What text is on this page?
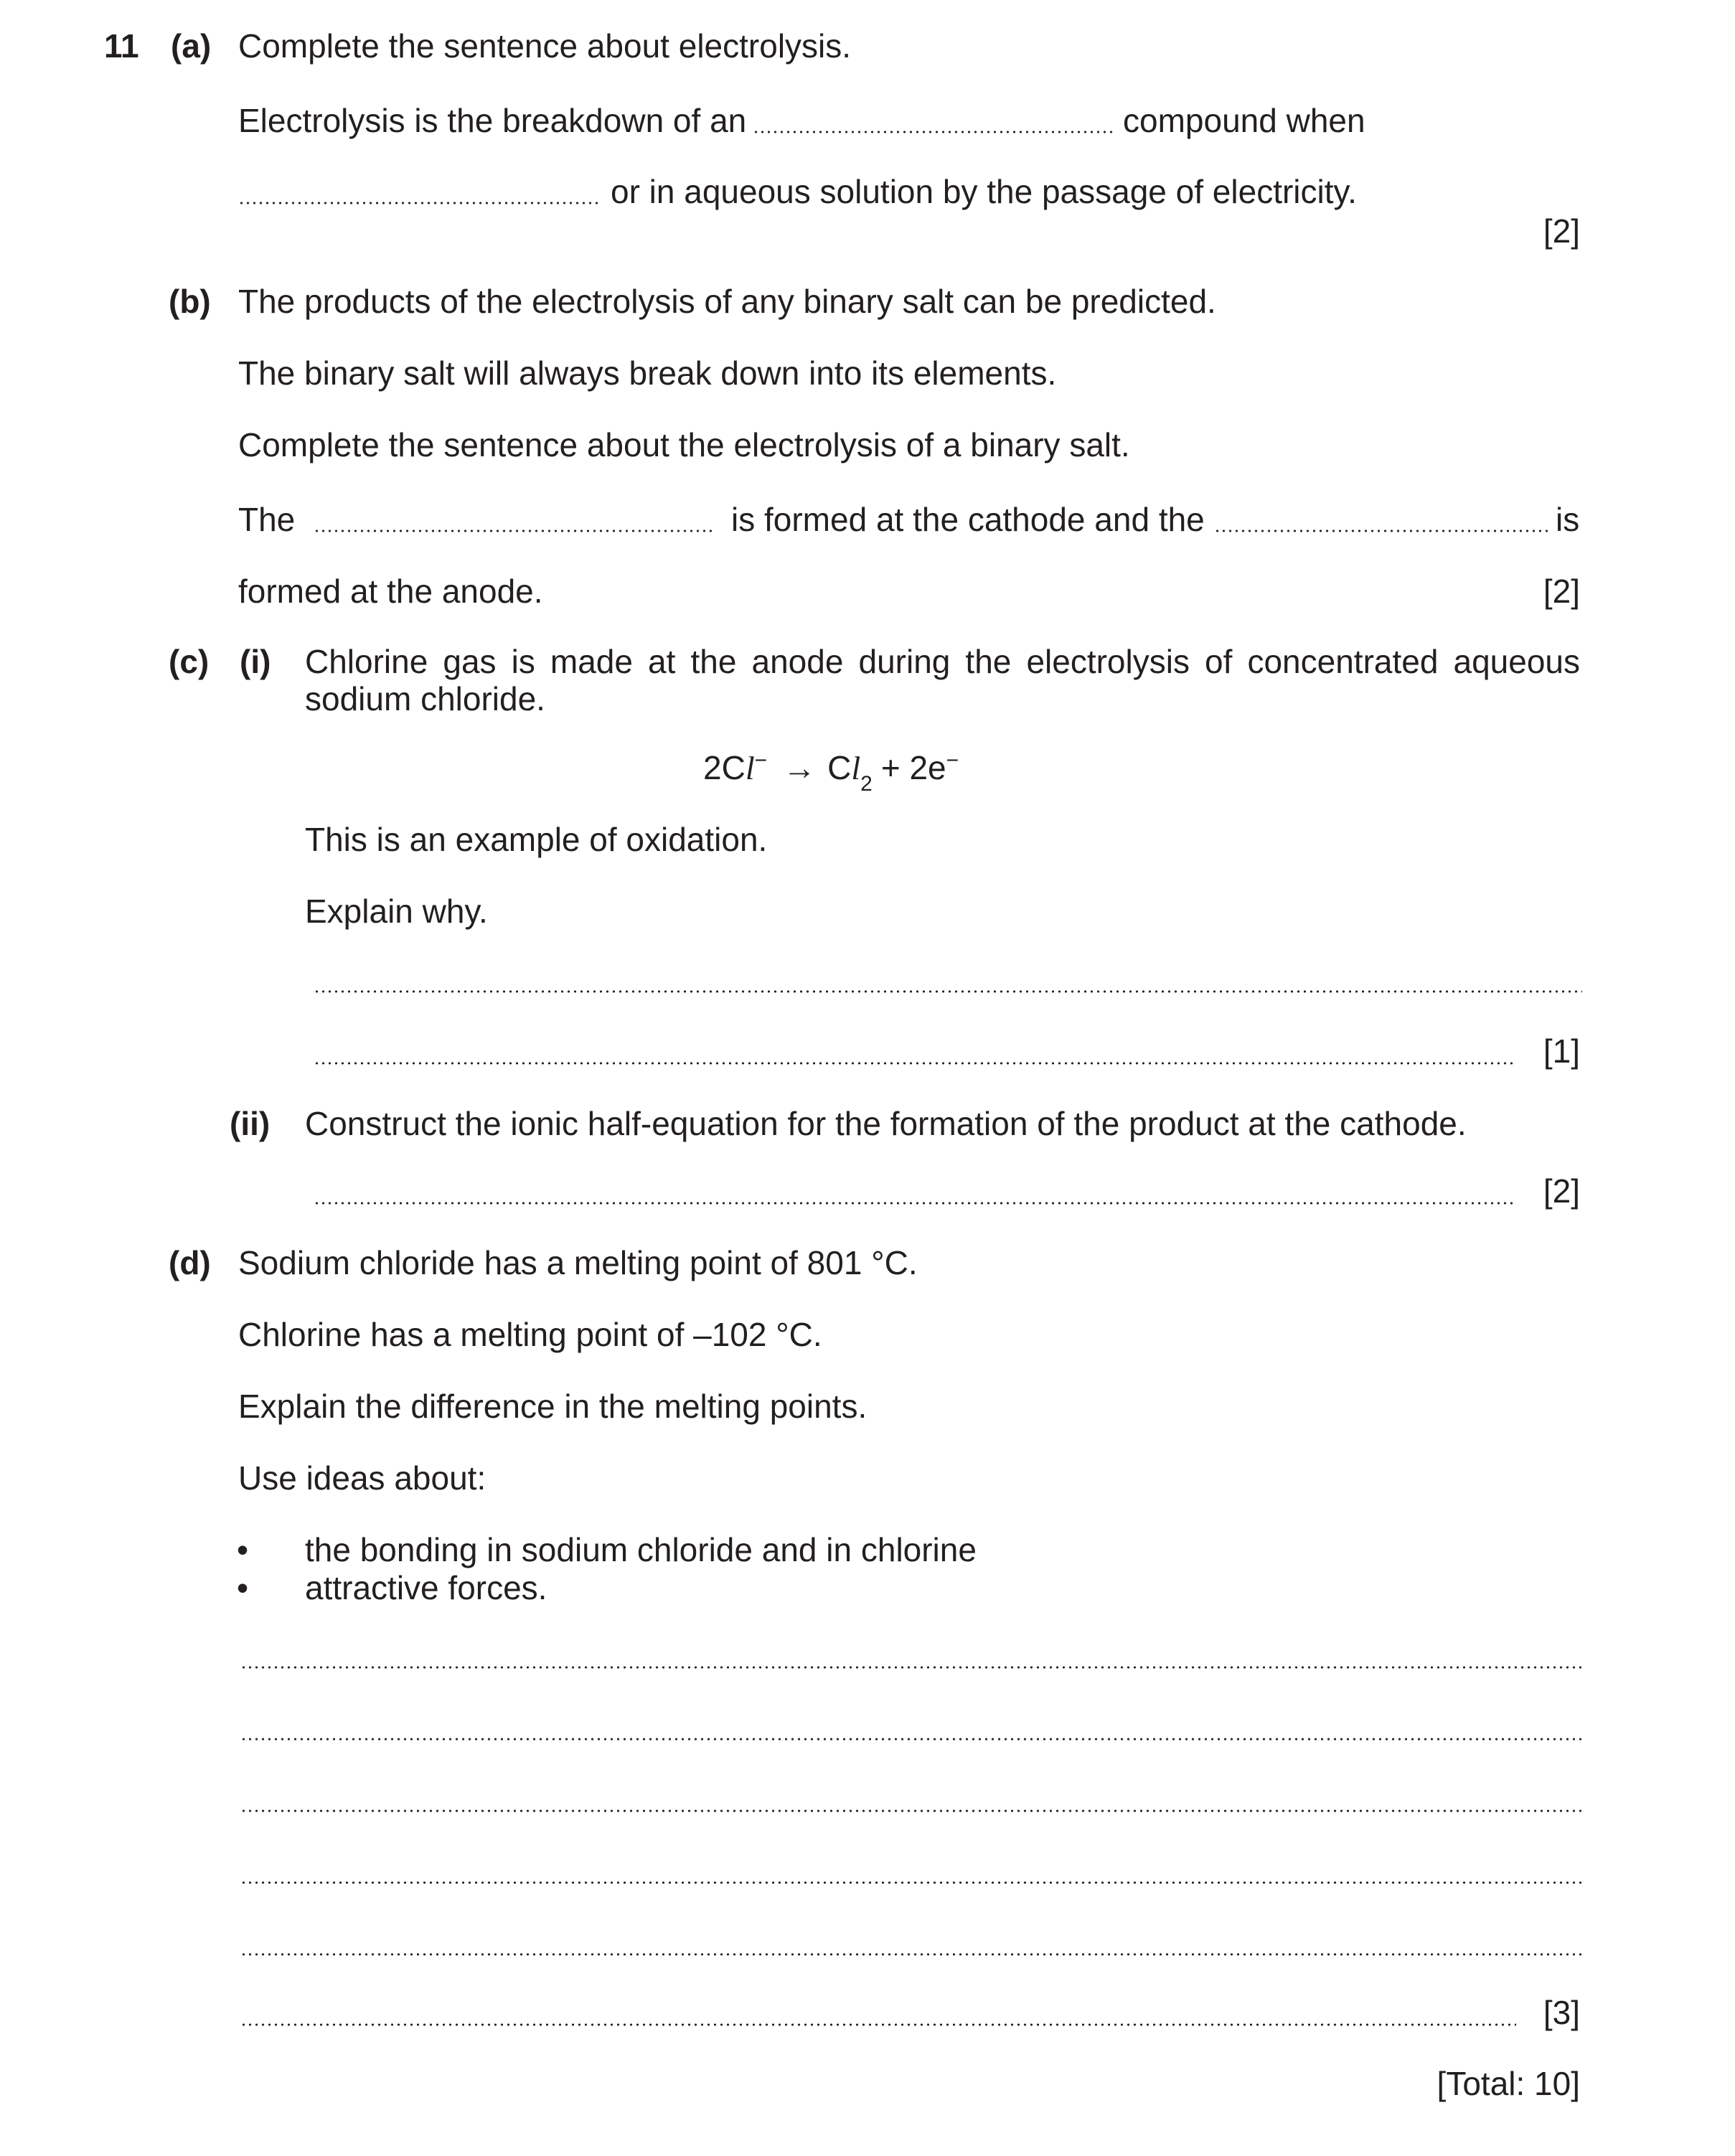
11 (a) Complete the sentence about electrolysis.
Electrolysis is the breakdown of an	compound when
or in aqueous solution by the passage of electricity.
[2]
(b) The products of the electrolysis of any binary salt can be predicted.
The binary salt will always break down into its elements.
Complete the sentence about the electrolysis of a binary salt.
The	is formed at the cathode and the	is
formed at the anode.	[2]
(c) (i) Chlorine gas is made at the anode during the electrolysis of concentrated aqueous
sodium chloride.
$2Cl^- \to Cl_2 + 2e^-$
This is an example of oxidation.
Explain why.
[1]
(ii) Construct the ionic half-equation for the formation of the product at the cathode.
[2]
(d) Sodium chloride has a melting point of 801 °C.
Chlorine has a melting point of –102 °C.
Explain the difference in the melting points.
Use ideas about:
• the bonding in sodium chloride and in chlorine
• attractive forces.
[3]
[Total: 10]
